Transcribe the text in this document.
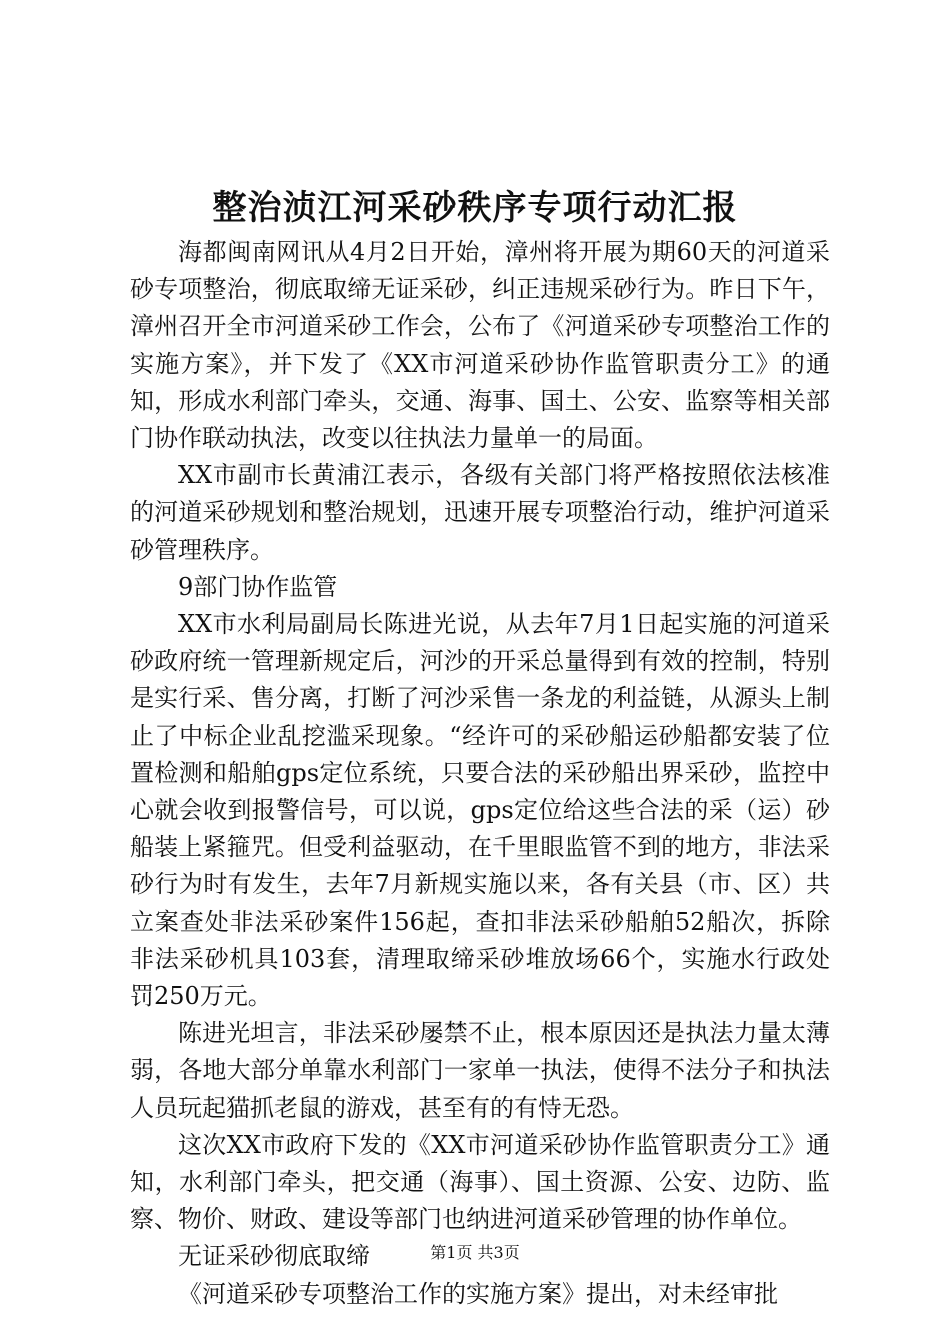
整治浈江河采砂秩序专项行动汇报

海都闽南网讯从4月2日开始，漳州将开展为期60天的河道采砂专项整治，彻底取缔无证采砂，纠正违规采砂行为。昨日下午，漳州召开全市河道采砂工作会，公布了《河道采砂专项整治工作的实施方案》，并下发了《XX市河道采砂协作监管职责分工》的通知，形成水利部门牵头，交通、海事、国土、公安、监察等相关部门协作联动执法，改变以往执法力量单一的局面。

XX市副市长黄浦江表示，各级有关部门将严格按照依法核准的河道采砂规划和整治规划，迅速开展专项整治行动，维护河道采砂管理秩序。

9部门协作监管

XX市水利局副局长陈进光说，从去年7月1日起实施的河道采砂政府统一管理新规定后，河沙的开采总量得到有效的控制，特别是实行采、售分离，打断了河沙采售一条龙的利益链，从源头上制止了中标企业乱挖滥采现象。“经许可的采砂船运砂船都安装了位置检测和船舶gps定位系统，只要合法的采砂船出界采砂，监控中心就会收到报警信号，可以说，gps定位给这些合法的采（运）砂船装上紧箍咒。但受利益驱动，在千里眼监管不到的地方，非法采砂行为时有发生，去年7月新规实施以来，各有关县（市、区）共立案查处非法采砂案件156起，查扣非法采砂船舶52船次，拆除非法采砂机具103套，清理取缔采砂堆放场66个，实施水行政处罚250万元。

陈进光坦言，非法采砂屡禁不止，根本原因还是执法力量太薄弱，各地大部分单靠水利部门一家单一执法，使得不法分子和执法人员玩起猫抓老鼠的游戏，甚至有的有恃无恐。

这次XX市政府下发的《XX市河道采砂协作监管职责分工》通知，水利部门牵头，把交通（海事）、国土资源、公安、边防、监察、物价、财政、建设等部门也纳进河道采砂管理的协作单位。

无证采砂彻底取缔

《河道采砂专项整治工作的实施方案》提出，对未经审批

第1页 共3页
